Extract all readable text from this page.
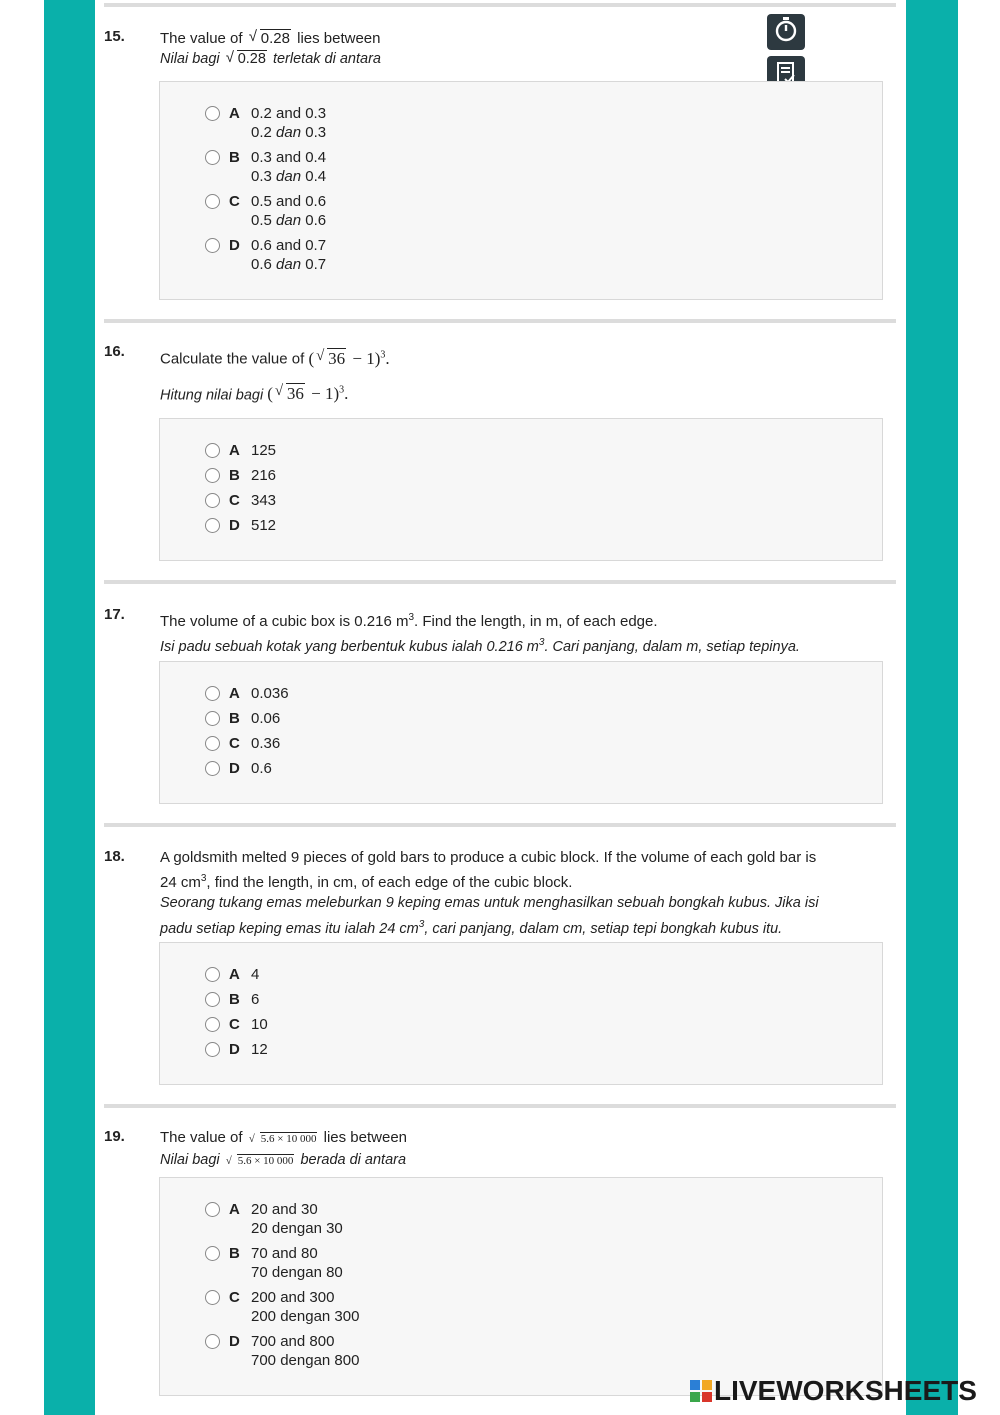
15. The value of √ 0.28 lies between
Nilai bagi √ 0.28 terletak di antara
A 0.2 and 0.3
0.2 dan 0.3
B 0.3 and 0.4
0.3 dan 0.4
C 0.5 and 0.6
0.5 dan 0.6
D 0.6 and 0.7
0.6 dan 0.7
16. Calculate the value of ( √ 36 − 1)$^3$.
Hitung nilai bagi ( √ 36 − 1)$^3$.
A 125
B 216
C 343
D 512
17. The volume of a cubic box is 0.216 $m^3$. Find the length, in m, of each edge.
Isi padu sebuah kotak yang berbentuk kubus ialah 0.216 $m^3$. Cari panjang, dalam m, setiap tepinya.
A 0.036
B 0.06
C 0.36
D 0.6
18. A goldsmith melted 9 pieces of gold bars to produce a cubic block. If the volume of each gold bar is
24 $cm^3$, find the length, in cm, of each edge of the cubic block.
Seorang tukang emas meleburkan 9 keping emas untuk menghasilkan sebuah bongkah kubus. Jika isi
padu setiap keping emas itu ialah 24 $cm^3$, cari panjang, dalam cm, setiap tepi bongkah kubus itu.
A 4
B 6
C 10
D 12
19. The value of √ 5.6 × 10 000 lies between
Nilai bagi √ 5.6 × 10 000 berada di antara
A 20 and 30
20 dengan 30
B 70 and 80
70 dengan 80
C 200 and 300
200 dengan 300
D 700 and 800
700 dengan 800
LIVEWORKSHEETS
